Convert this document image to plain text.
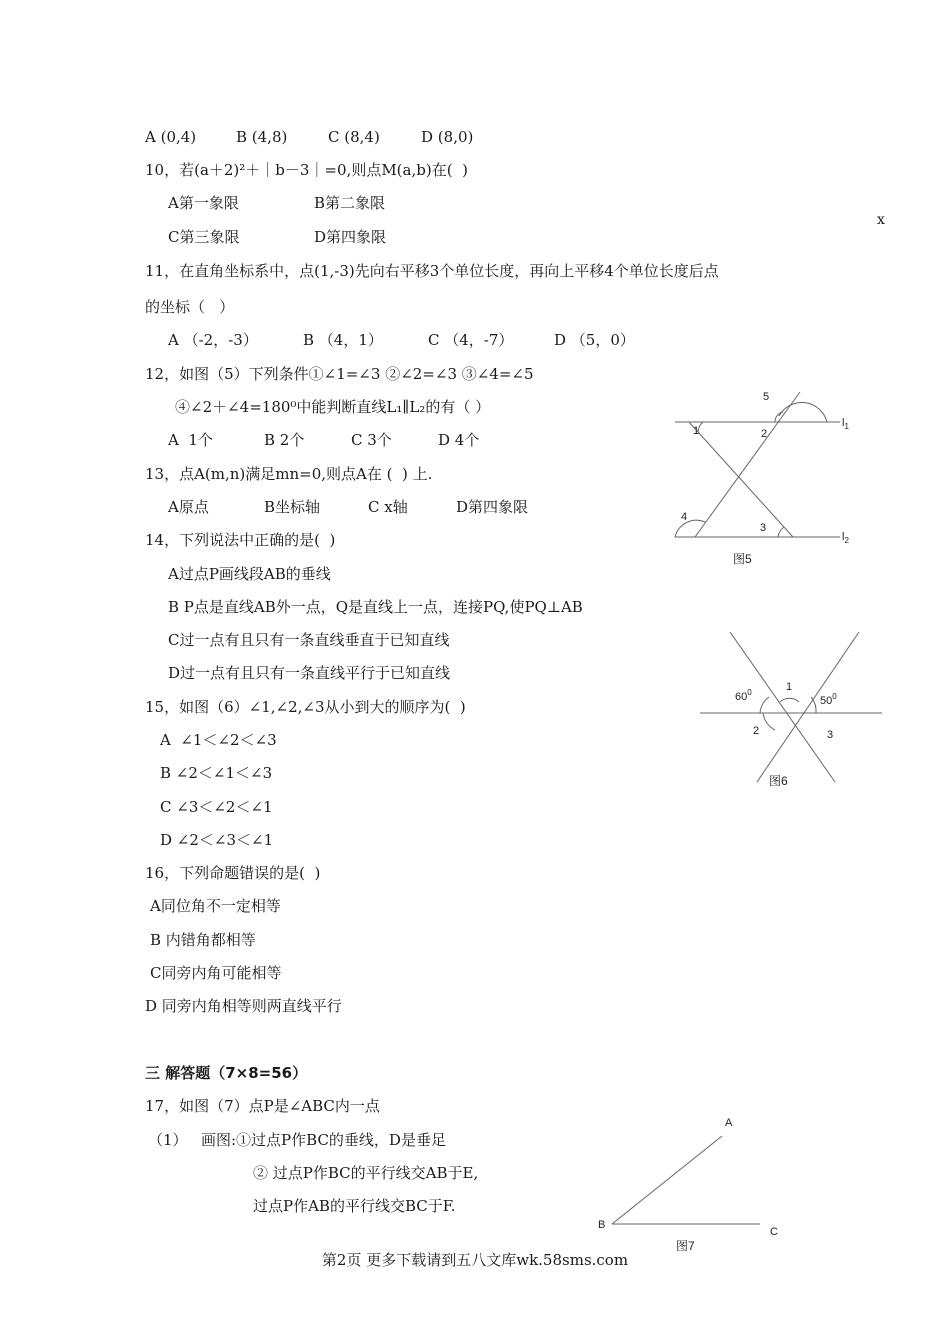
A (0,4)	B (4,8)	C (8,4)	D (8,0)
10，若(a＋2)²＋｜b－3｜=0,则点M(a,b)在(  )
A第一象限	B第二象限
C第三象限	D第四象限
x
11，在直角坐标系中，点(1,-3)先向右平移3个单位长度，再向上平移4个单位长度后点
的坐标（   ）
A （-2，-3）	B （4，1）	C （4，-7）	D （5，0）
12，如图（5）下列条件①∠1=∠3 ②∠2=∠3 ③∠4=∠5
④∠2＋∠4=180⁰中能判断直线L₁∥L₂的有（ ）
A  1个	B 2个	C 3个	D 4个
13，点A(m,n)满足mn=0,则点A在 (  ) 上.
A原点	B坐标轴	C x轴	D第四象限
14，下列说法中正确的是(  )
A过点P画线段AB的垂线
B P点是直线AB外一点，Q是直线上一点，连接PQ,使PQ⊥AB
C过一点有且只有一条直线垂直于已知直线
D过一点有且只有一条直线平行于已知直线
15，如图（6）∠1,∠2,∠3从小到大的顺序为(  )
A  ∠1＜∠2＜∠3
B ∠2＜∠1＜∠3
C ∠3＜∠2＜∠1
D ∠2＜∠3＜∠1
16，下列命题错误的是(  )
A同位角不一定相等
B 内错角都相等
C同旁内角可能相等
D 同旁内角相等则两直线平行
三 解答题（7×8=56）
17，如图（7）点P是∠ABC内一点
（1） 画图:①过点P作BC的垂线，D是垂足
② 过点P作BC的平行线交AB于E,
过点P作AB的平行线交BC于F.
1	2
5
4
3
$l_1$
$l_2$
图5
1
$60^0$
$50^0$
2	3
图6
A
B
C
图7
第2页 更多下载请到五八文库wk.58sms.com
